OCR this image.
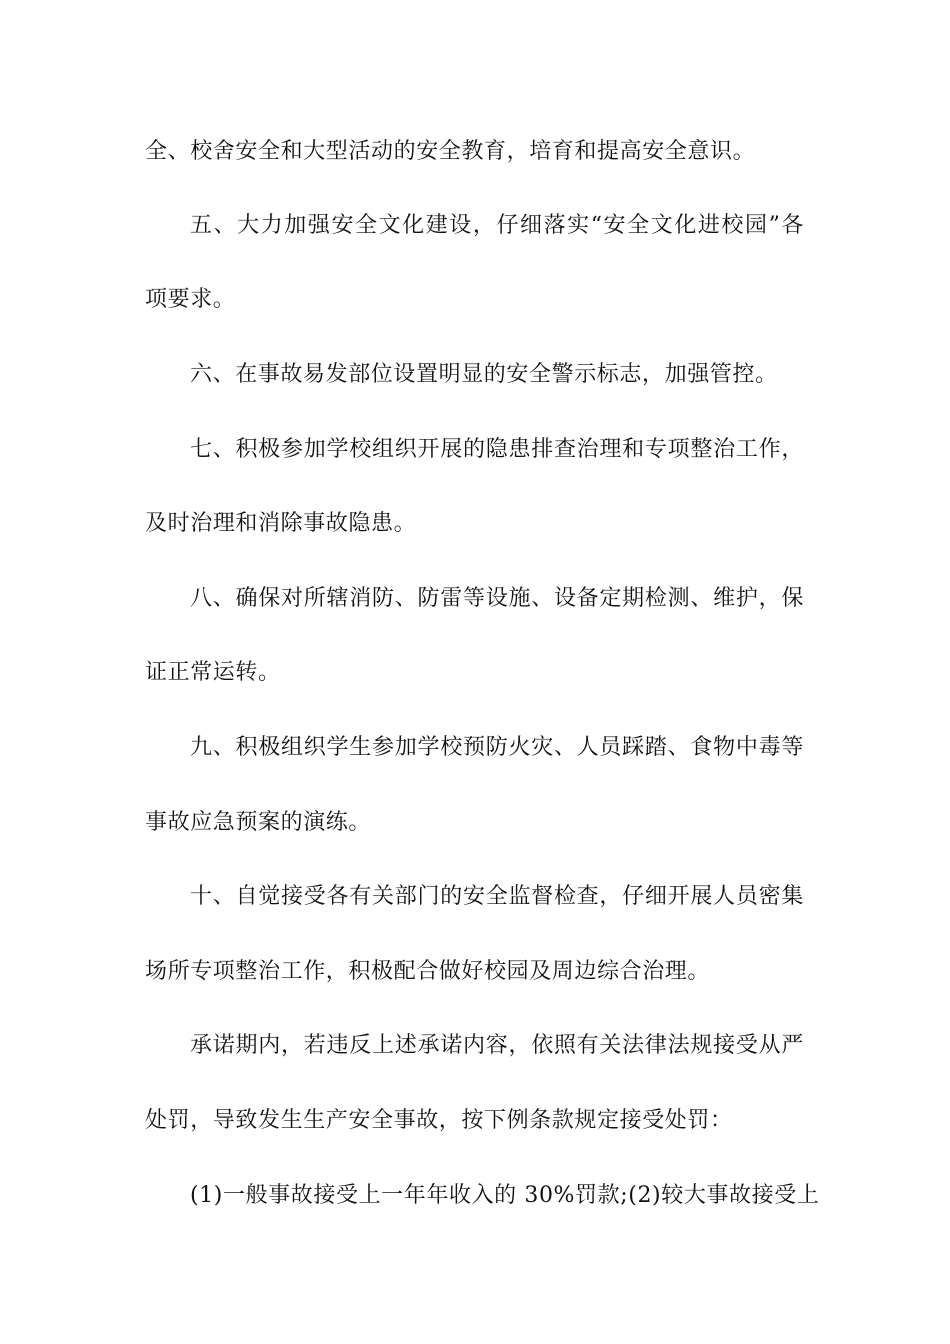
全、校舍安全和大型活动的安全教育，培育和提高安全意识。
五、大力加强安全文化建设，仔细落实“安全文化进校园”各
项要求。
六、在事故易发部位设置明显的安全警示标志，加强管控。
七、积极参加学校组织开展的隐患排查治理和专项整治工作，
及时治理和消除事故隐患。
八、确保对所辖消防、防雷等设施、设备定期检测、维护，保
证正常运转。
九、积极组织学生参加学校预防火灾、人员踩踏、食物中毒等
事故应急预案的演练。
十、自觉接受各有关部门的安全监督检查，仔细开展人员密集
场所专项整治工作，积极配合做好校园及周边综合治理。
承诺期内，若违反上述承诺内容，依照有关法律法规接受从严
处罚，导致发生生产安全事故，按下例条款规定接受处罚：
(1)一般事故接受上一年年收入的 30%罚款;(2)较大事故接受上
